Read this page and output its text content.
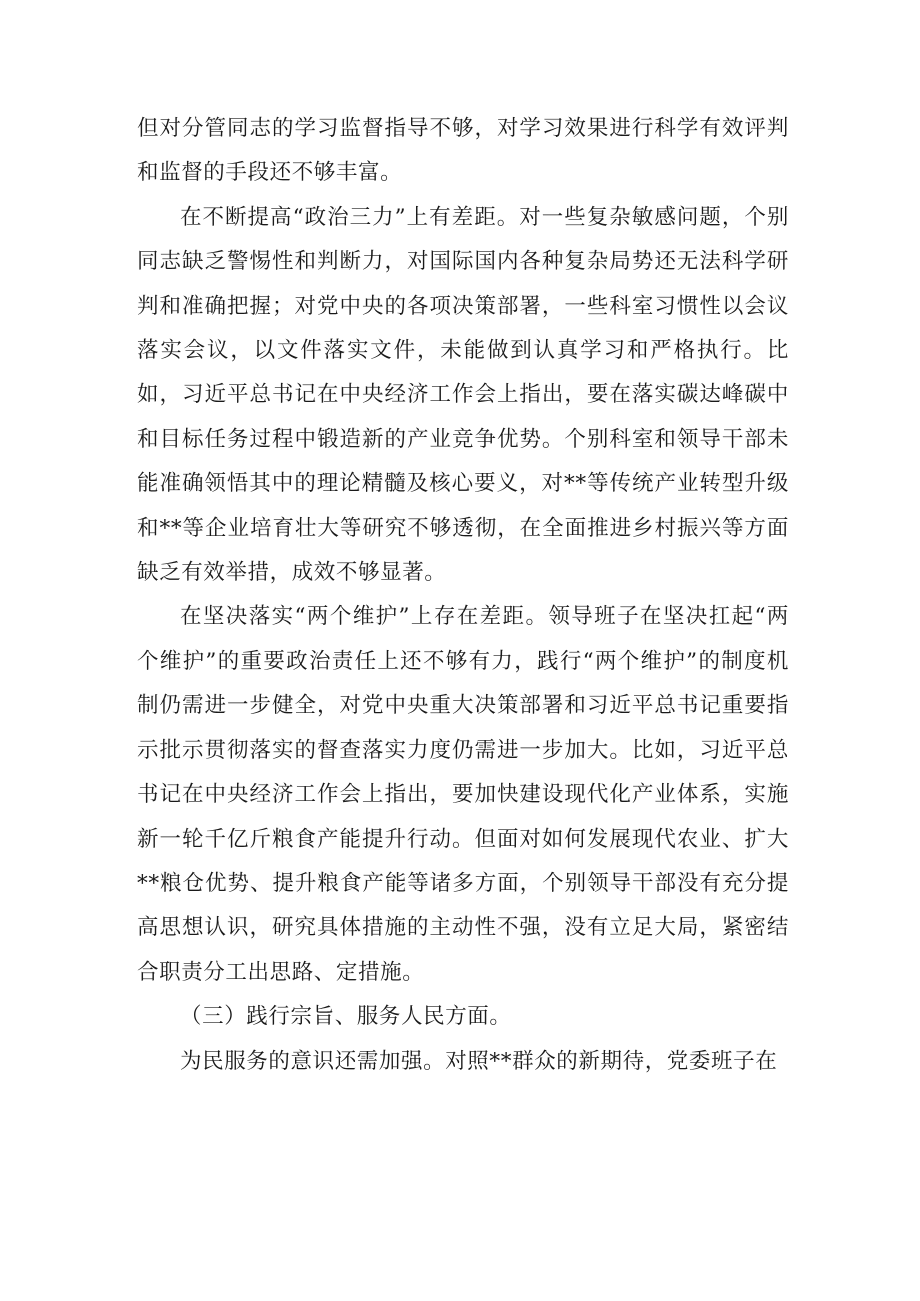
但对分管同志的学习监督指导不够，对学习效果进行科学有效评判和监督的手段还不够丰富。

在不断提高“政治三力”上有差距。对一些复杂敏感问题，个别同志缺乏警惕性和判断力，对国际国内各种复杂局势还无法科学研判和准确把握；对党中央的各项决策部署，一些科室习惯性以会议落实会议，以文件落实文件，未能做到认真学习和严格执行。比如，习近平总书记在中央经济工作会上指出，要在落实碳达峰碳中和目标任务过程中锻造新的产业竞争优势。个别科室和领导干部未能准确领悟其中的理论精髓及核心要义，对**等传统产业转型升级和**等企业培育壮大等研究不够透彻，在全面推进乡村振兴等方面缺乏有效举措，成效不够显著。

在坚决落实“两个维护”上存在差距。领导班子在坚决扛起“两个维护”的重要政治责任上还不够有力，践行“两个维护”的制度机制仍需进一步健全，对党中央重大决策部署和习近平总书记重要指示批示贯彻落实的督查落实力度仍需进一步加大。比如，习近平总书记在中央经济工作会上指出，要加快建设现代化产业体系，实施新一轮千亿斤粮食产能提升行动。但面对如何发展现代农业、扩大**粮仓优势、提升粮食产能等诸多方面，个别领导干部没有充分提高思想认识，研究具体措施的主动性不强，没有立足大局，紧密结合职责分工出思路、定措施。

（三）践行宗旨、服务人民方面。

为民服务的意识还需加强。对照**群众的新期待，党委班子在
